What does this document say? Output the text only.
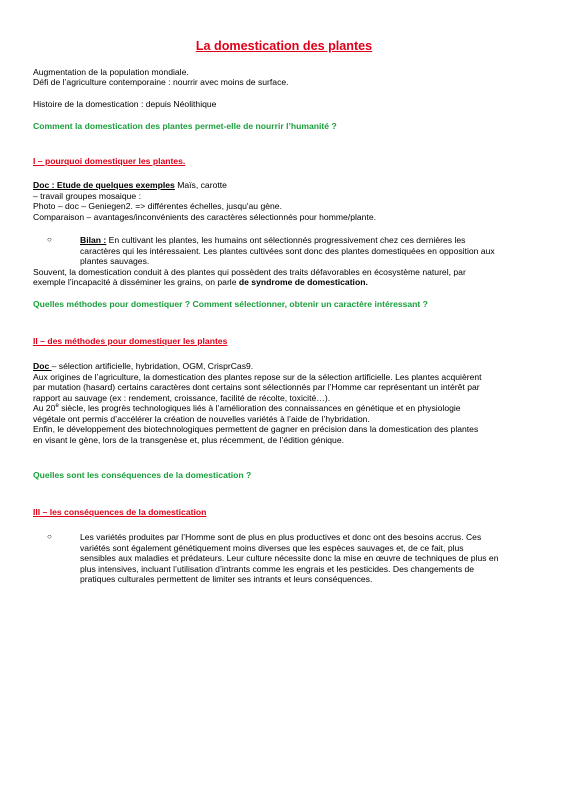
La domestication des plantes
Augmentation de la population mondiale.
Défi de l’agriculture contemporaine : nourrir avec moins de surface.
Histoire de la domestication : depuis Néolithique
Comment la domestication des plantes permet-elle de nourrir l’humanité ?
I – pourquoi domestiquer les plantes.
Doc : Etude de quelques exemples Maïs, carotte
– travail groupes mosaique :
Photo – doc – Geniegen2. => différentes échelles, jusqu'au gène.
Comparaison – avantages/inconvénients des caractères sélectionnés pour homme/plante.
○	Bilan : En cultivant les plantes, les humains ont sélectionnés progressivement chez ces dernières les
caractères qui les intéressaient. Les plantes cultivées sont donc des plantes domestiquées en opposition aux
plantes sauvages.
Souvent, la domestication conduit à des plantes qui possèdent des traits défavorables en écosystème naturel, par
exemple l’incapacité à disséminer les grains, on parle de syndrome de domestication.
Quelles méthodes pour domestiquer ? Comment sélectionner, obtenir un caractère intéressant ?
II – des méthodes pour domestiquer les plantes
Doc – sélection artificielle, hybridation, OGM, CrisprCas9.
Aux origines de l’agriculture, la domestication des plantes repose sur de la sélection artificielle. Les plantes acquièrent
par mutation (hasard) certains caractères dont certains sont sélectionnés par l’Homme car représentant un intérêt par
rapport au sauvage (ex : rendement, croissance, facilité de récolte, toxicité…).
Au 20e siècle, les progrès technologiques liés à l’amélioration des connaissances en génétique et en physiologie
végétale ont permis d’accélérer la création de nouvelles variétés à l’aide de l’hybridation.
Enfin, le développement des biotechnologiques permettent de gagner en précision dans la domestication des plantes
en visant le gène, lors de la transgenèse et, plus récemment, de l’édition génique.
Quelles sont les conséquences de la domestication ?
III – les conséquences de la domestication
○	Les variétés produites par l’Homme sont de plus en plus productives et donc ont des besoins accrus. Ces
variétés sont également génétiquement moins diverses que les espèces sauvages et, de ce fait, plus
sensibles aux maladies et prédateurs. Leur culture nécessite donc la mise en œuvre de techniques de plus en
plus intensives, incluant l’utilisation d’intrants comme les engrais et les pesticides. Des changements de
pratiques culturales permettent de limiter ses intrants et leurs conséquences.
